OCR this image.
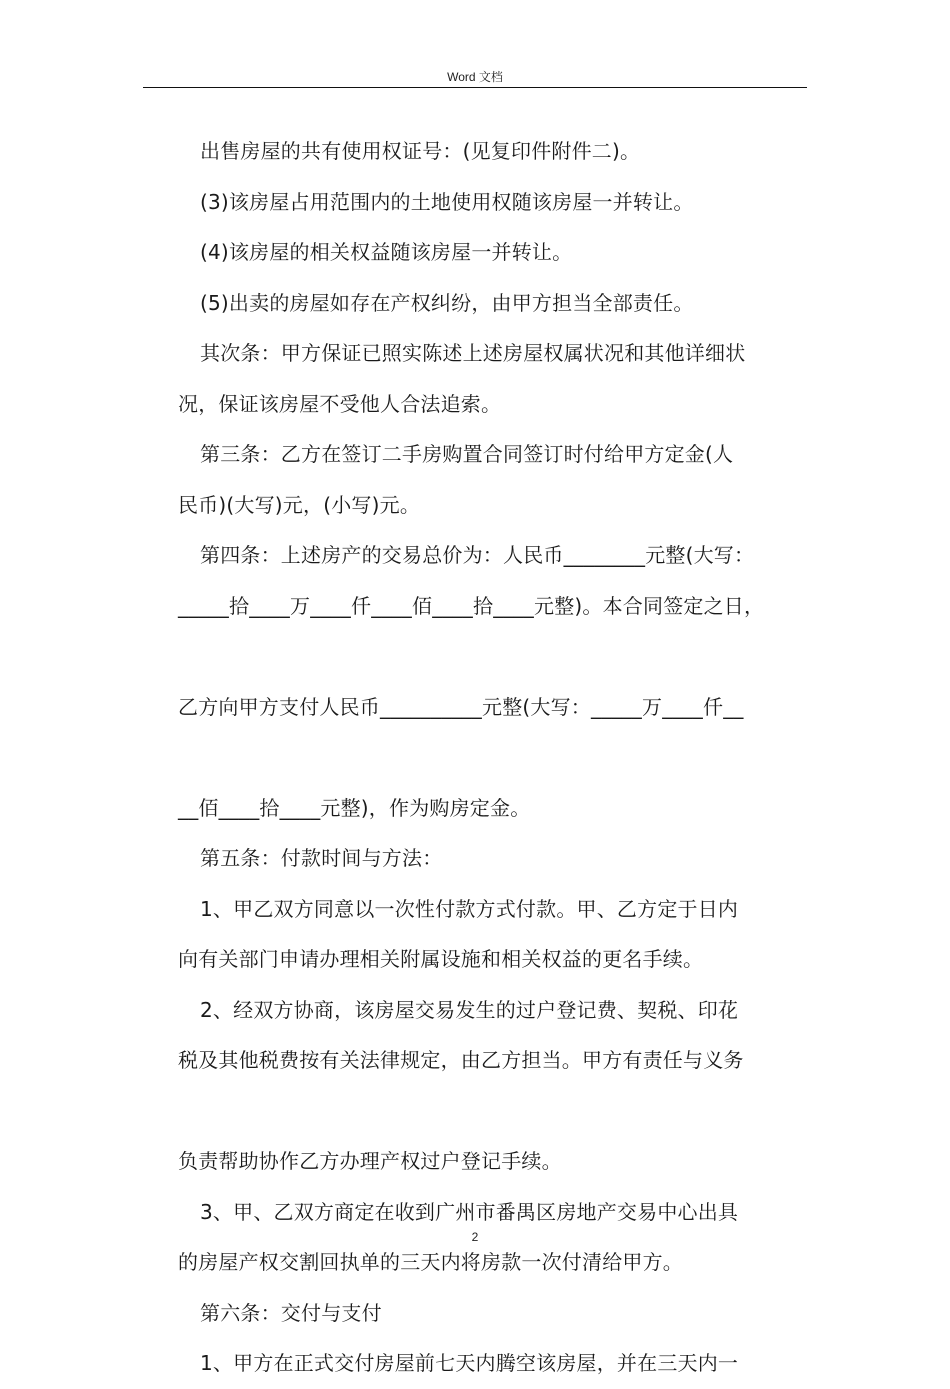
Word 文档

出售房屋的共有使用权证号：(见复印件附件二)。

(3)该房屋占用范围内的土地使用权随该房屋一并转让。

(4)该房屋的相关权益随该房屋一并转让。

(5)出卖的房屋如存在产权纠纷，由甲方担当全部责任。

其次条：甲方保证已照实陈述上述房屋权属状况和其他详细状

况，保证该房屋不受他人合法追索。

第三条：乙方在签订二手房购置合同签订时付给甲方定金(人

民币)(大写)元，(小写)元。

第四条：上述房产的交易总价为：人民币________元整(大写：

_____拾____万____仟____佰____拾____元整)。本合同签定之日，

乙方向甲方支付人民币__________元整(大写：_____万____仟__

__佰____拾____元整)，作为购房定金。

第五条：付款时间与方法：

1、甲乙双方同意以一次性付款方式付款。甲、乙方定于日内

向有关部门申请办理相关附属设施和相关权益的更名手续。

2、经双方协商，该房屋交易发生的过户登记费、契税、印花

税及其他税费按有关法律规定，由乙方担当。甲方有责任与义务

负责帮助协作乙方办理产权过户登记手续。

3、甲、乙双方商定在收到广州市番禺区房地产交易中心出具

的房屋产权交割回执单的三天内将房款一次付清给甲方。

第六条：交付与支付

1、甲方在正式交付房屋前七天内腾空该房屋，并在三天内一

2
